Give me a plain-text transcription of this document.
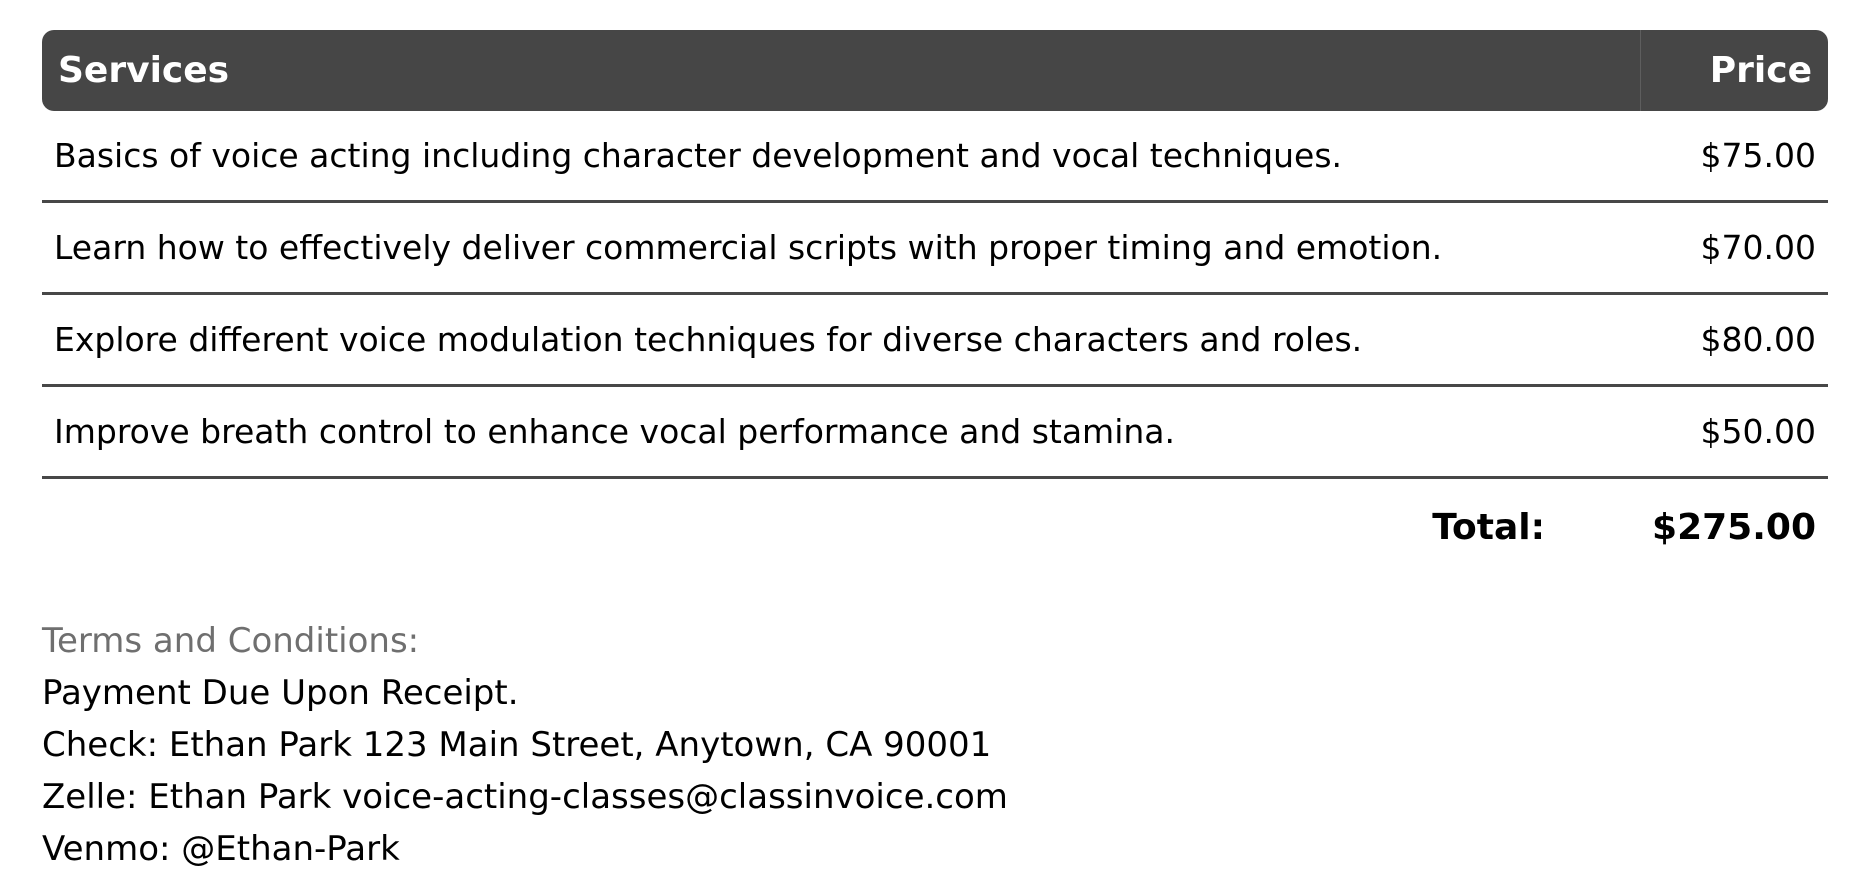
Services	Price
Basics of voice acting including character development and vocal techniques.	$75.00
Learn how to effectively deliver commercial scripts with proper timing and emotion.	$70.00
Explore different voice modulation techniques for diverse characters and roles.	$80.00
Improve breath control to enhance vocal performance and stamina.	$50.00
Total:	$275.00

Terms and Conditions:

Payment Due Upon Receipt.

Check: Ethan Park 123 Main Street, Anytown, CA 90001

Zelle: Ethan Park voice-acting-classes@classinvoice.com

Venmo: @Ethan-Park
